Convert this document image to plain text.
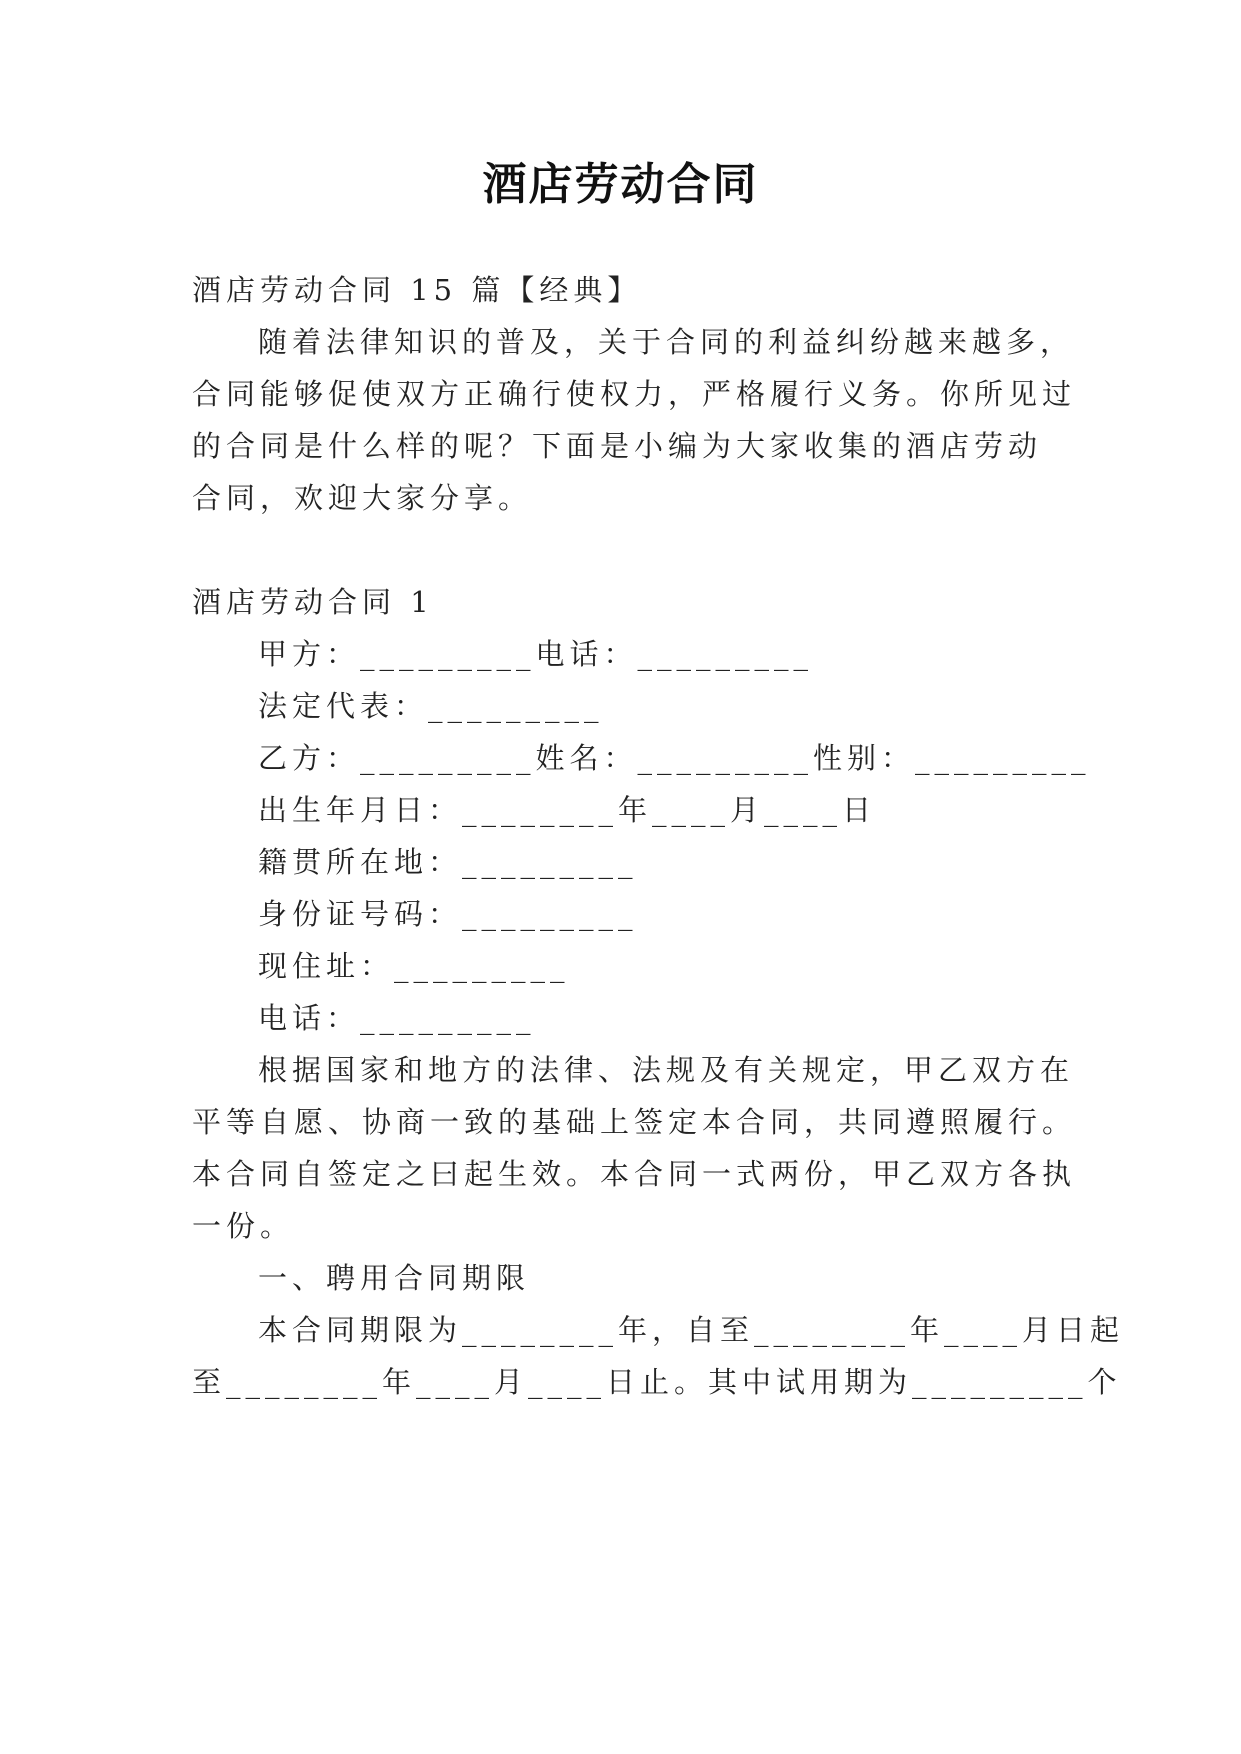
酒店劳动合同

酒店劳动合同 15 篇【经典】

随着法律知识的普及，关于合同的利益纠纷越来越多，

合同能够促使双方正确行使权力，严格履行义务。你所见过

的合同是什么样的呢？下面是小编为大家收集的酒店劳动

合同，欢迎大家分享。

酒店劳动合同 1

甲方：_________电话：_________

法定代表：_________

乙方：_________姓名：_________性别：_________

出生年月日：________年____月____日

籍贯所在地：_________

身份证号码：_________

现住址：_________

电话：_________

根据国家和地方的法律、法规及有关规定，甲乙双方在

平等自愿、协商一致的基础上签定本合同，共同遵照履行。

本合同自签定之曰起生效。本合同一式两份，甲乙双方各执

一份。

一、聘用合同期限

本合同期限为________年，自至________年____月日起

至________年____月____日止。其中试用期为_________个
